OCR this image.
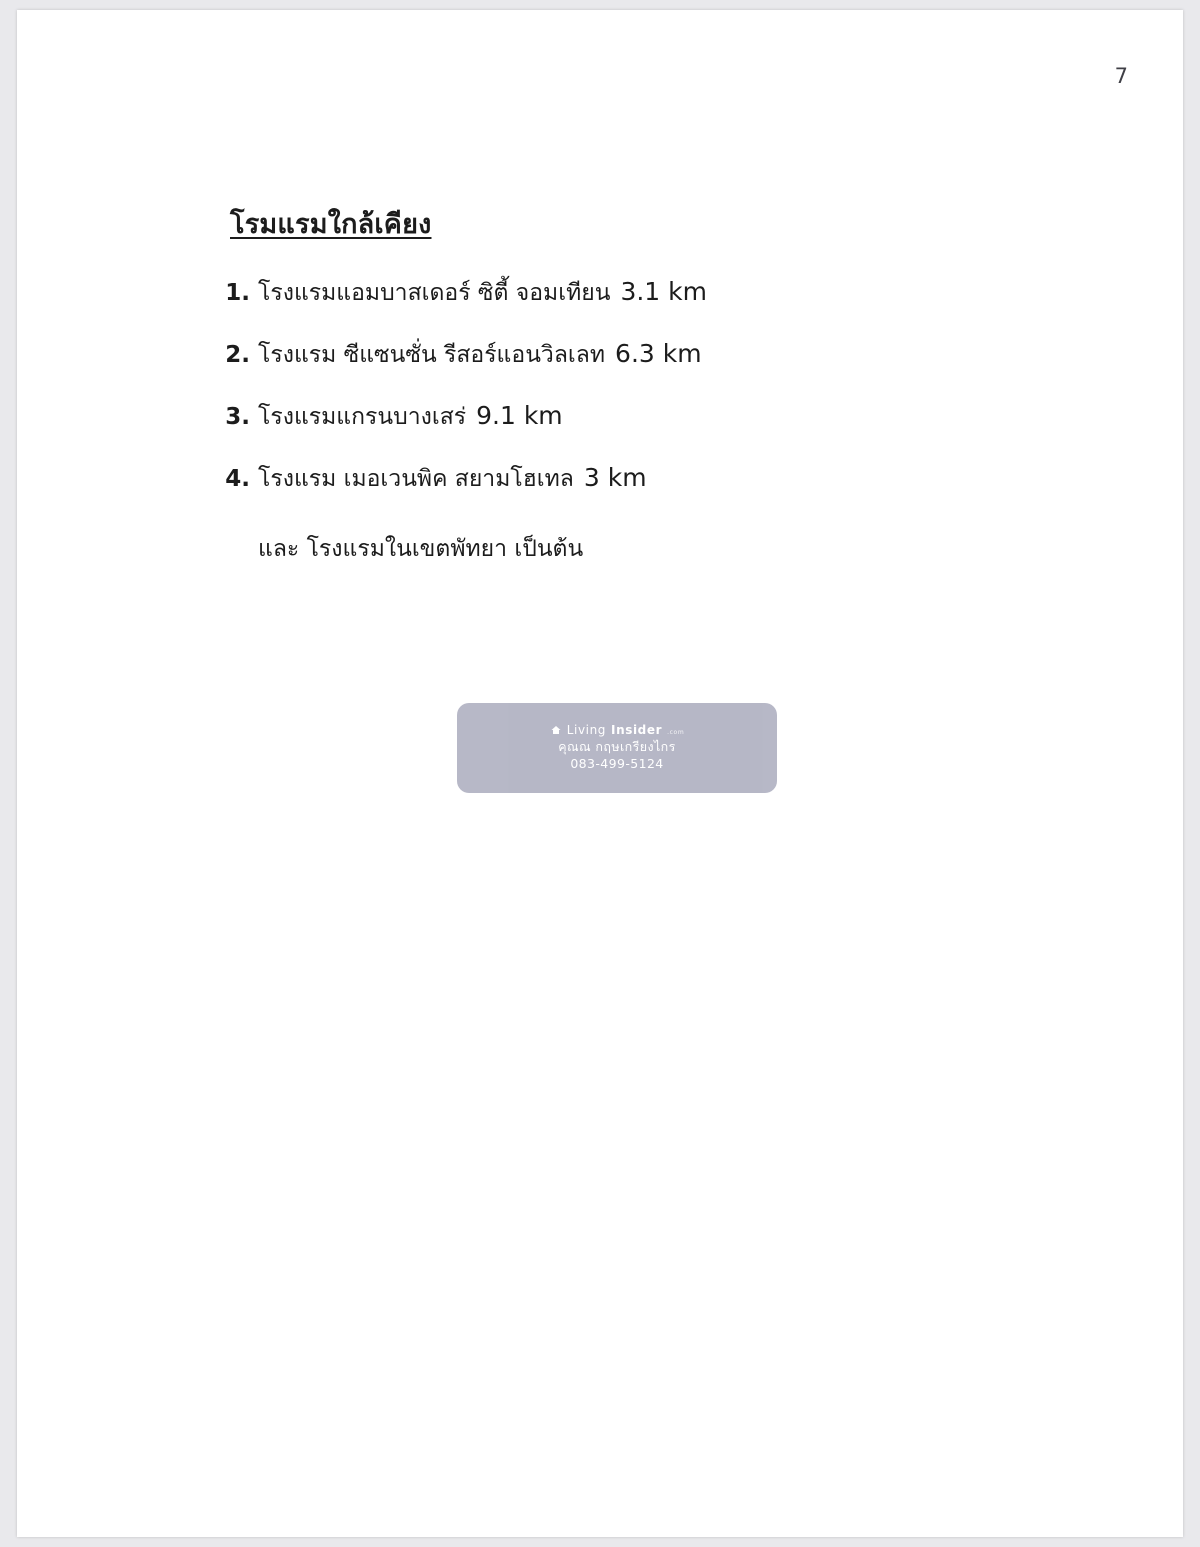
7
โรมแรมใกล้เคียง
1. โรงแรมแอมบาสเดอร์ ซิตี้ จอมเทียน 3.1 km
2. โรงแรม ซีแซนซั่น รีสอร์แอนวิลเลท 6.3 km
3. โรงแรมแกรนบางเสร่ 9.1 km
4. โรงแรม เมอเวนพิค สยามโฮเทล 3 km
และ โรงแรมในเขตพัทยา เป็นต้น
Living Insider .com
คุณณ กฤษเกรียงไกร
083-499-5124
